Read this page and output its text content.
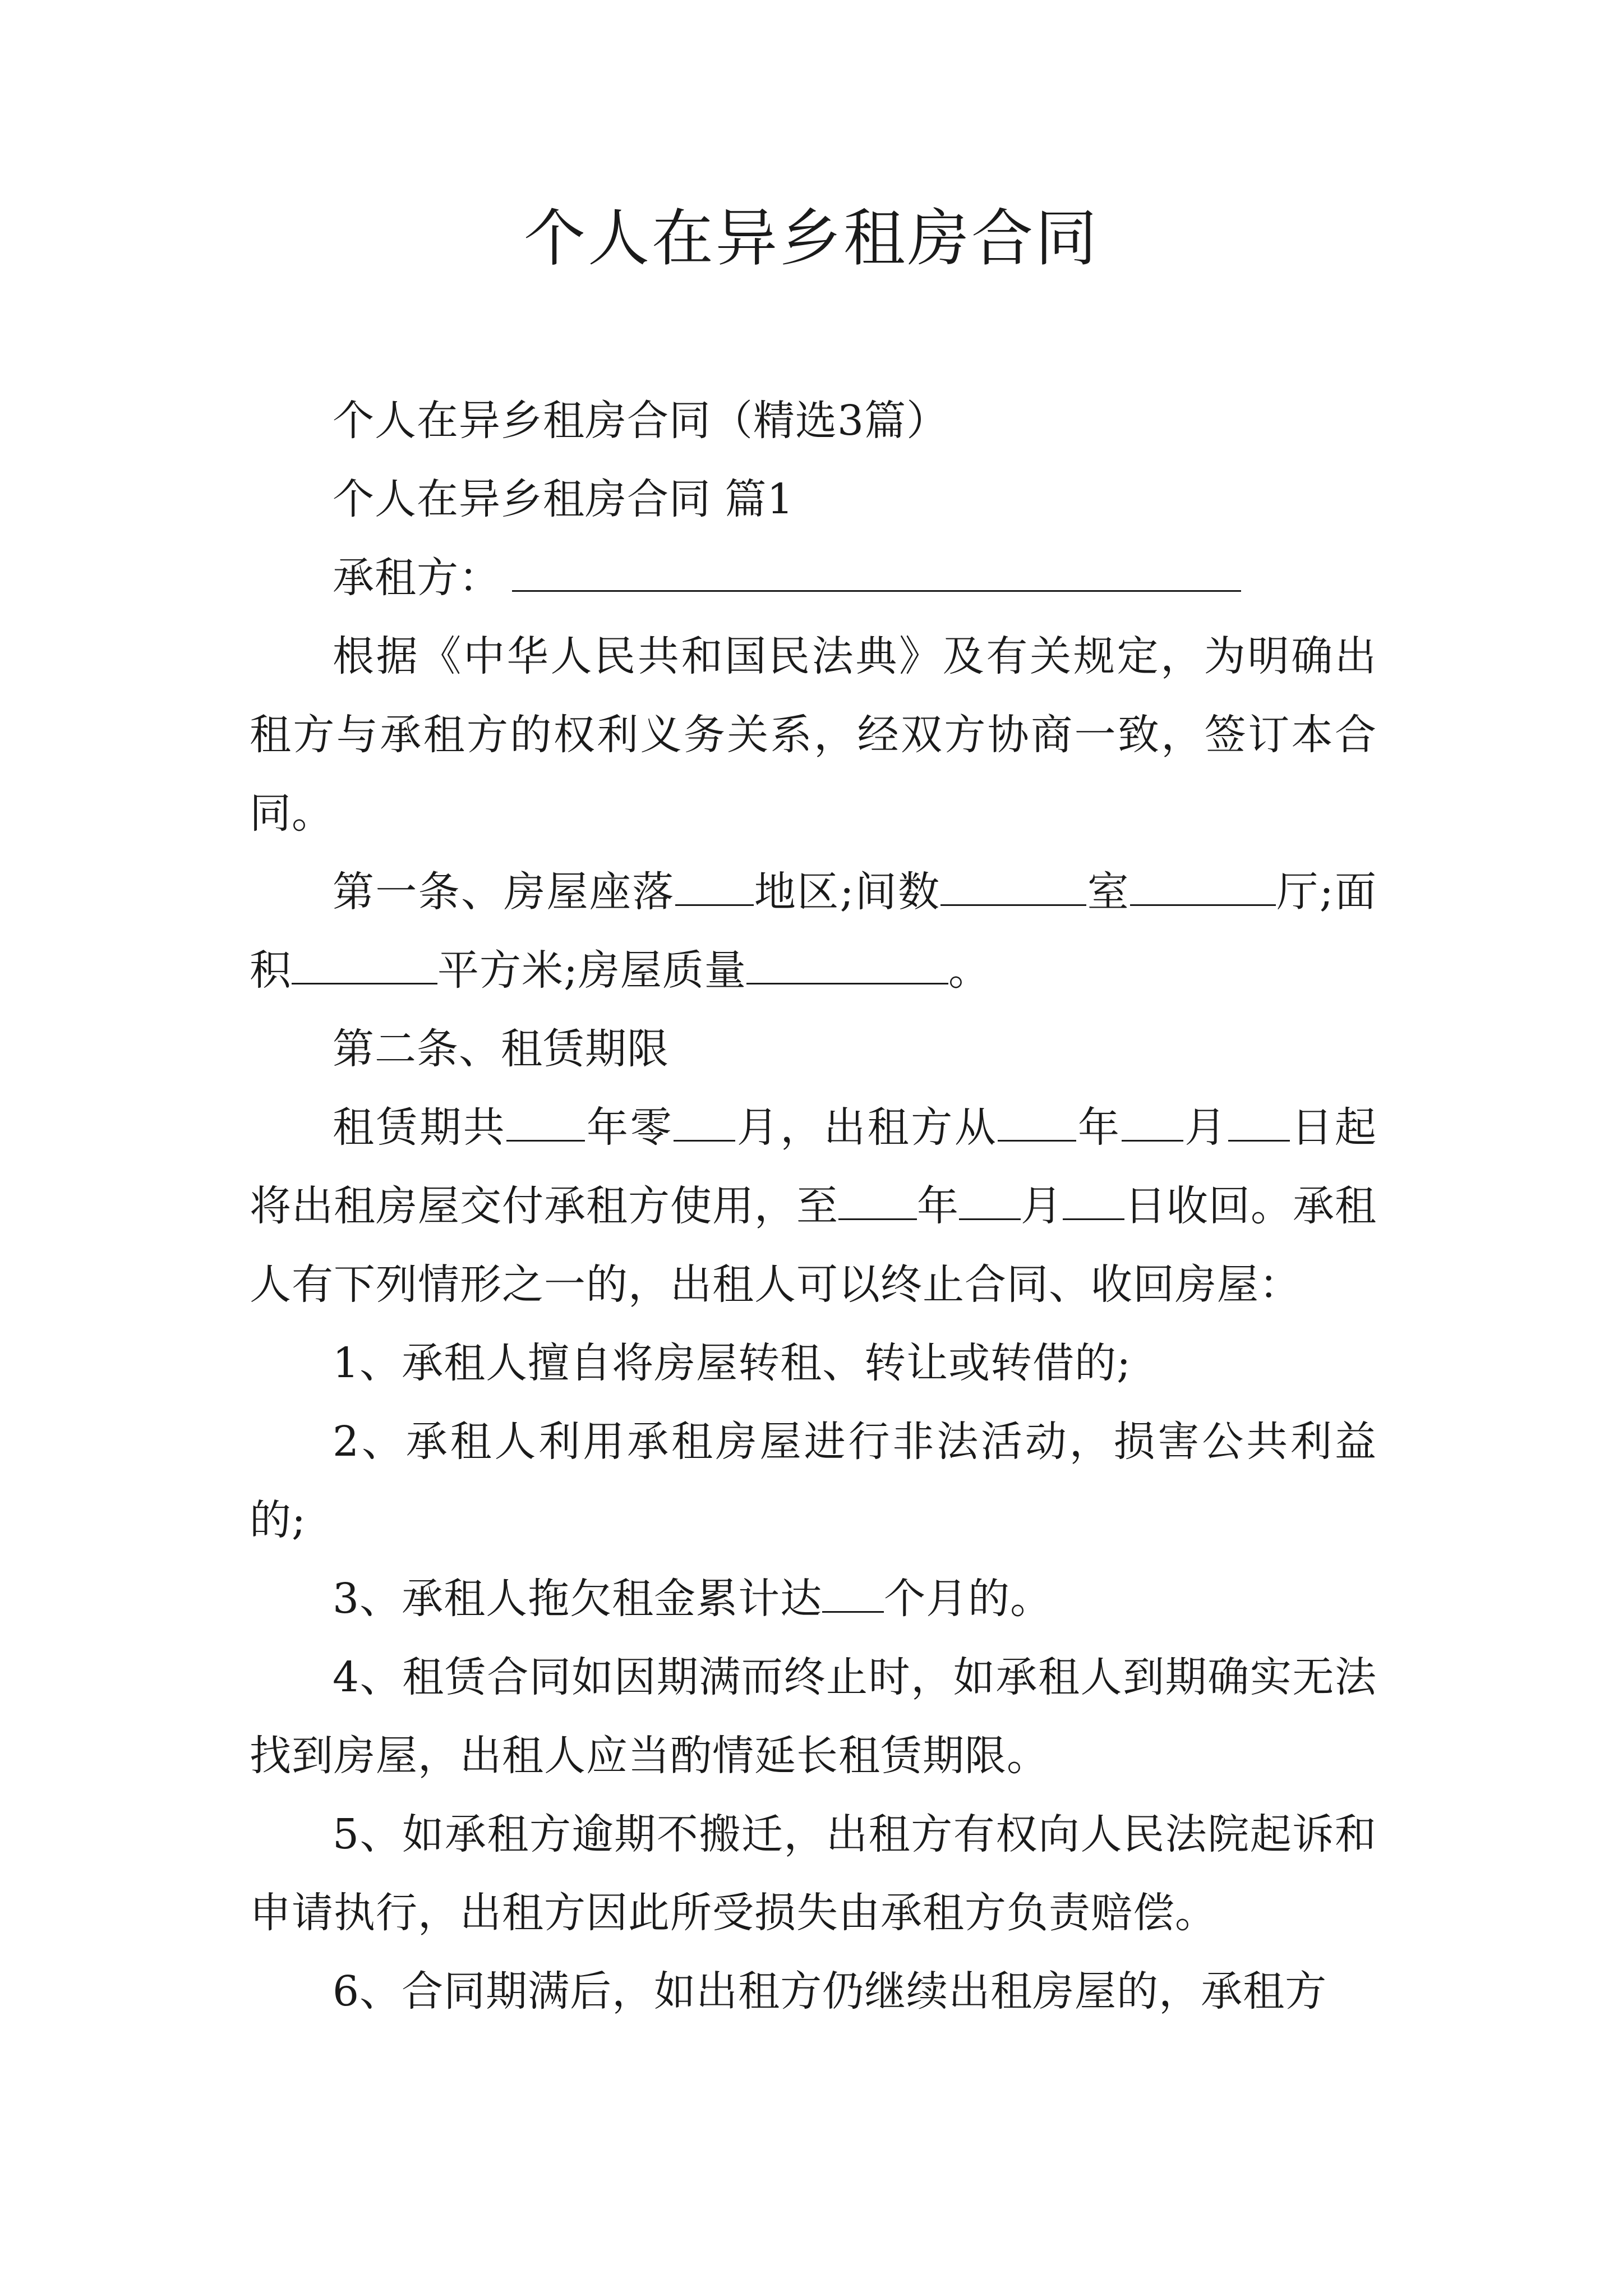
个人在异乡租房合同

个人在异乡租房合同（精选3篇）

个人在异乡租房合同 篇1

承租方：

根据《中华人民共和国民法典》及有关规定，为明确出租方与承租方的权利义务关系，经双方协商一致，签订本合同。

第一条、房屋座落 地区;间数	室	厅;面积	平方米;房屋质量	。

第二条、租赁期限

租赁期共 年零 月，出租方从 年 月 日起将出租房屋交付承租方使用，至 年 月 日收回。承租人有下列情形之一的，出租人可以终止合同、收回房屋：

1、承租人擅自将房屋转租、转让或转借的;

2、承租人利用承租房屋进行非法活动，损害公共利益的;

3、承租人拖欠租金累计达 个月的。

4、租赁合同如因期满而终止时，如承租人到期确实无法找到房屋，出租人应当酌情延长租赁期限。

5、如承租方逾期不搬迁，出租方有权向人民法院起诉和申请执行，出租方因此所受损失由承租方负责赔偿。

6、合同期满后，如出租方仍继续出租房屋的，承租方
